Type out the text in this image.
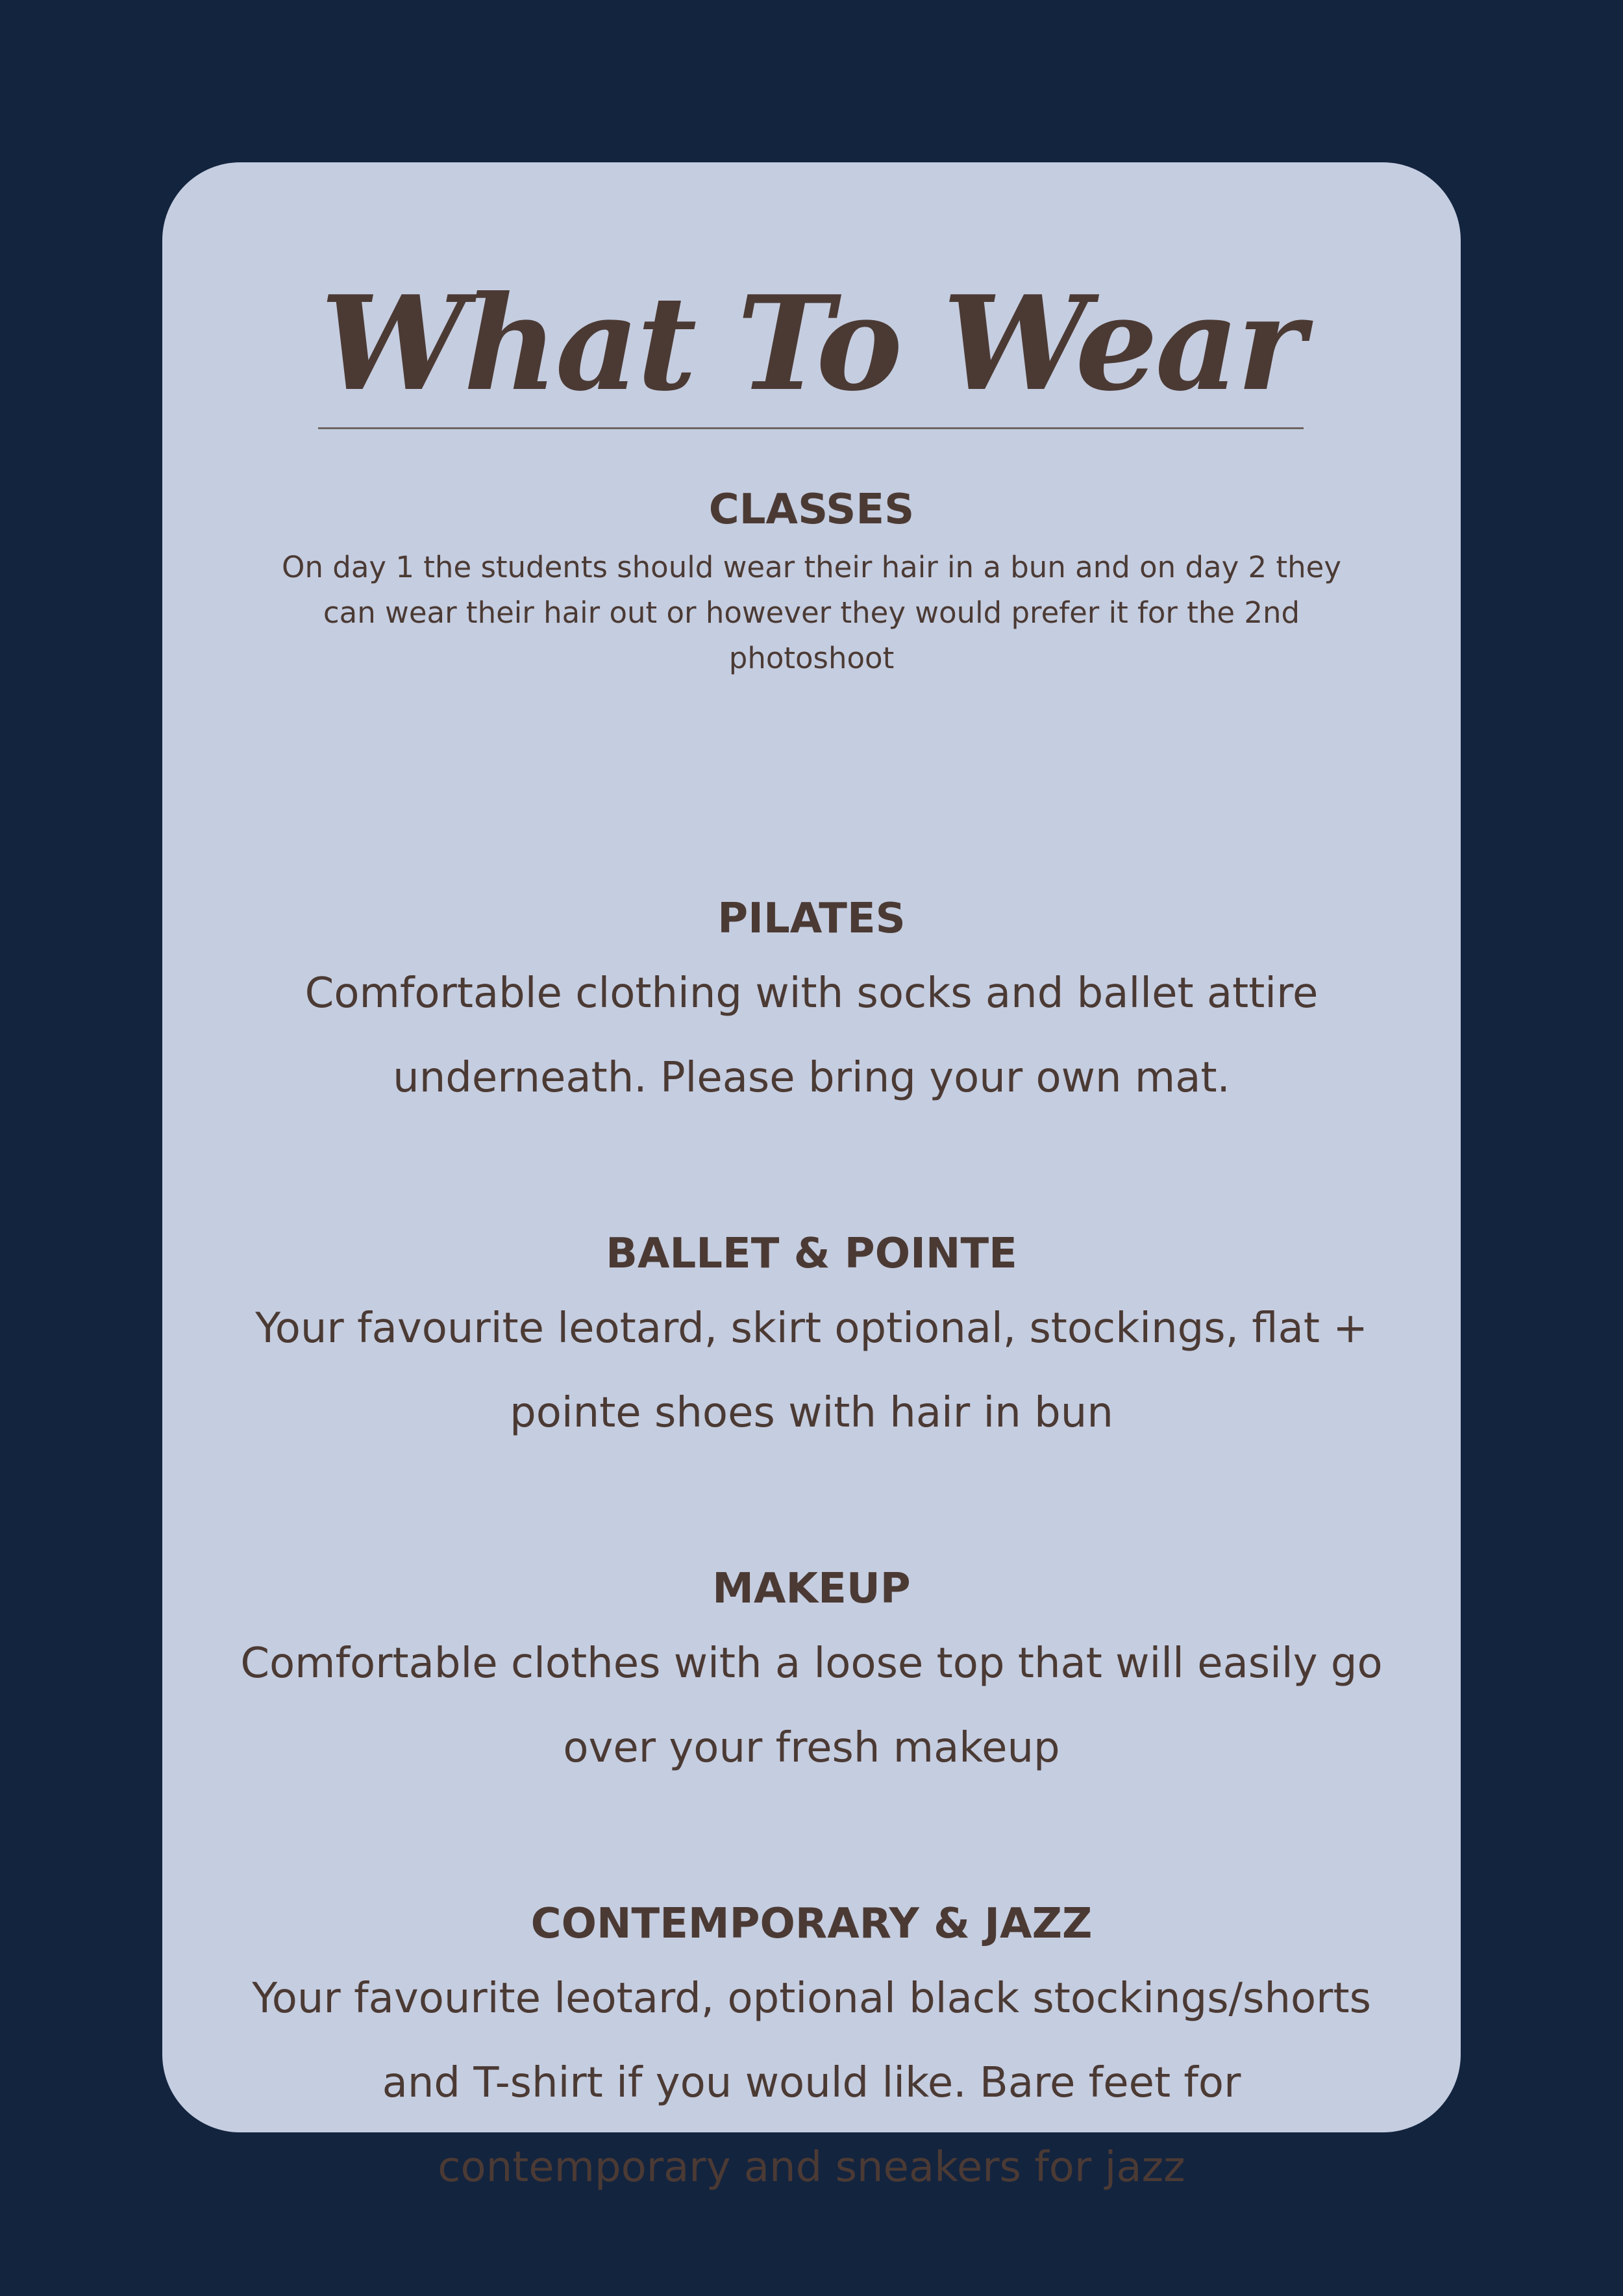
What To Wear
CLASSES

On day 1 the students should wear their hair in a bun and on day 2 they can wear their hair out or however they would prefer it for the 2nd photoshoot

PILATES

Comfortable clothing with socks and ballet attire underneath. Please bring your own mat.

BALLET & POINTE

Your favourite leotard, skirt optional, stockings, flat + pointe shoes with hair in bun

MAKEUP

Comfortable clothes with a loose top that will easily go over your fresh makeup

CONTEMPORARY & JAZZ

Your favourite leotard, optional black stockings/shorts and T-shirt if you would like. Bare feet for contemporary and sneakers for jazz
